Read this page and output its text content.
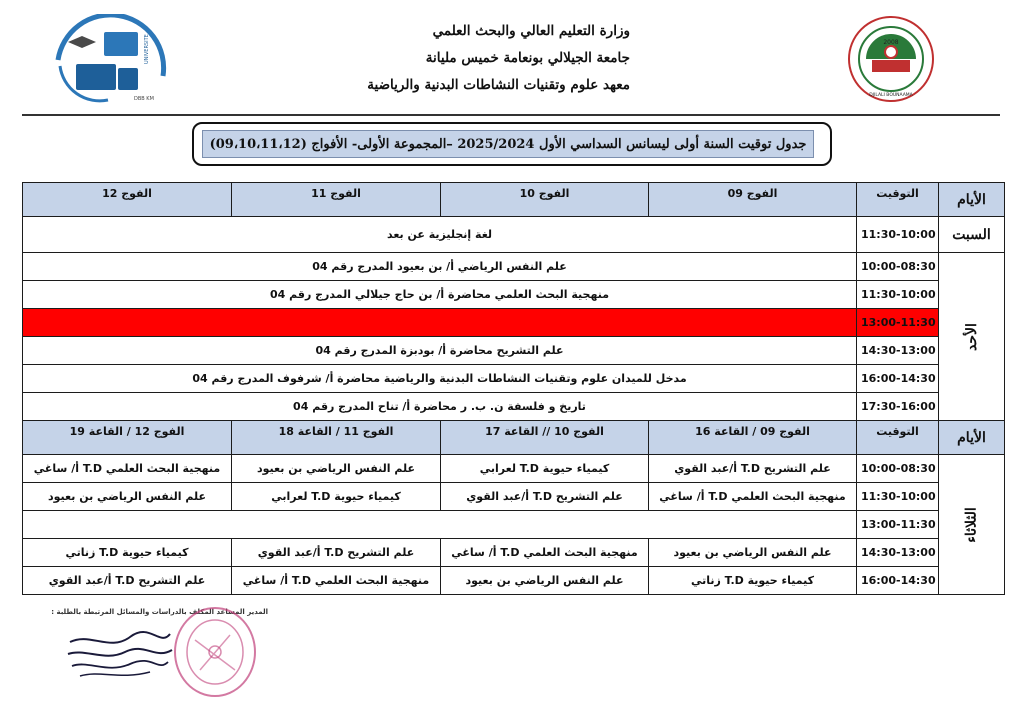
وزارة التعليم العالي والبحث العلمي
جامعة الجيلالي بونعامة خميس مليانة
معهد علوم وتقنيات النشاطات البدنية والرياضية
UNIVERSITE
DBB KM
2008
DJILALI BOUNAAMA
جدول توقيت السنة أولى ليسانس السداسي الأول 2025/2024 –المجموعة الأولى- الأفواج (09،10،11،12)
الأيام	التوقيت	الفوج 09	الفوج 10	الفوج 11	الفوج 12
السبت	11:30-10:00	لغة إنجليزية عن بعد			
الأحد	10:00-08:30	علم النفس الرياضي أ/ بن بعيود المدرج رقم 04			
	11:30-10:00	منهجية البحث العلمي محاضرة أ/ بن حاج جيلالي المدرج رقم 04			
	13:00-11:30				
	14:30-13:00	علم التشريح محاضرة أ/ بودبزة المدرج رقم 04			
	16:00-14:30	مدخل للميدان علوم وتقنيات النشاطات البدنية والرياضية محاضرة أ/ شرفوف المدرج رقم 04			
	17:30-16:00	تاريخ و فلسفة ن. ب. ر محاضرة أ/ تناح المدرج رقم 04			
الأيام	التوقيت	الفوج 09 / القاعة 16	الفوج 10 // القاعة 17	الفوج 11 / القاعة 18	الفوج 12 / القاعة 19
الثلاثاء	10:00-08:30	علم التشريح T.D أ/عبد القوي	كيمياء حيوية T.D لعرابي	علم النفس الرياضي بن بعيود	منهجية البحث العلمي T.D أ/ ساغي
	11:30-10:00	منهجية البحث العلمي T.D أ/ ساغي	علم التشريح T.D أ/عبد القوي	كيمياء حيوية T.D لعرابي	علم النفس الرياضي بن بعيود
	13:00-11:30				
	14:30-13:00	علم النفس الرياضي بن بعيود	منهجية البحث العلمي T.D أ/ ساغي	علم التشريح T.D أ/عبد القوي	كيمياء حيوية T.D زناتي
	16:00-14:30	كيمياء حيوية T.D زناتي	علم النفس الرياضي بن بعيود	منهجية البحث العلمي T.D أ/ ساغي	علم التشريح T.D أ/عبد القوي
المدير المساعد المكلف بالدراسات والمسائل المرتبطة بالطلبة :
